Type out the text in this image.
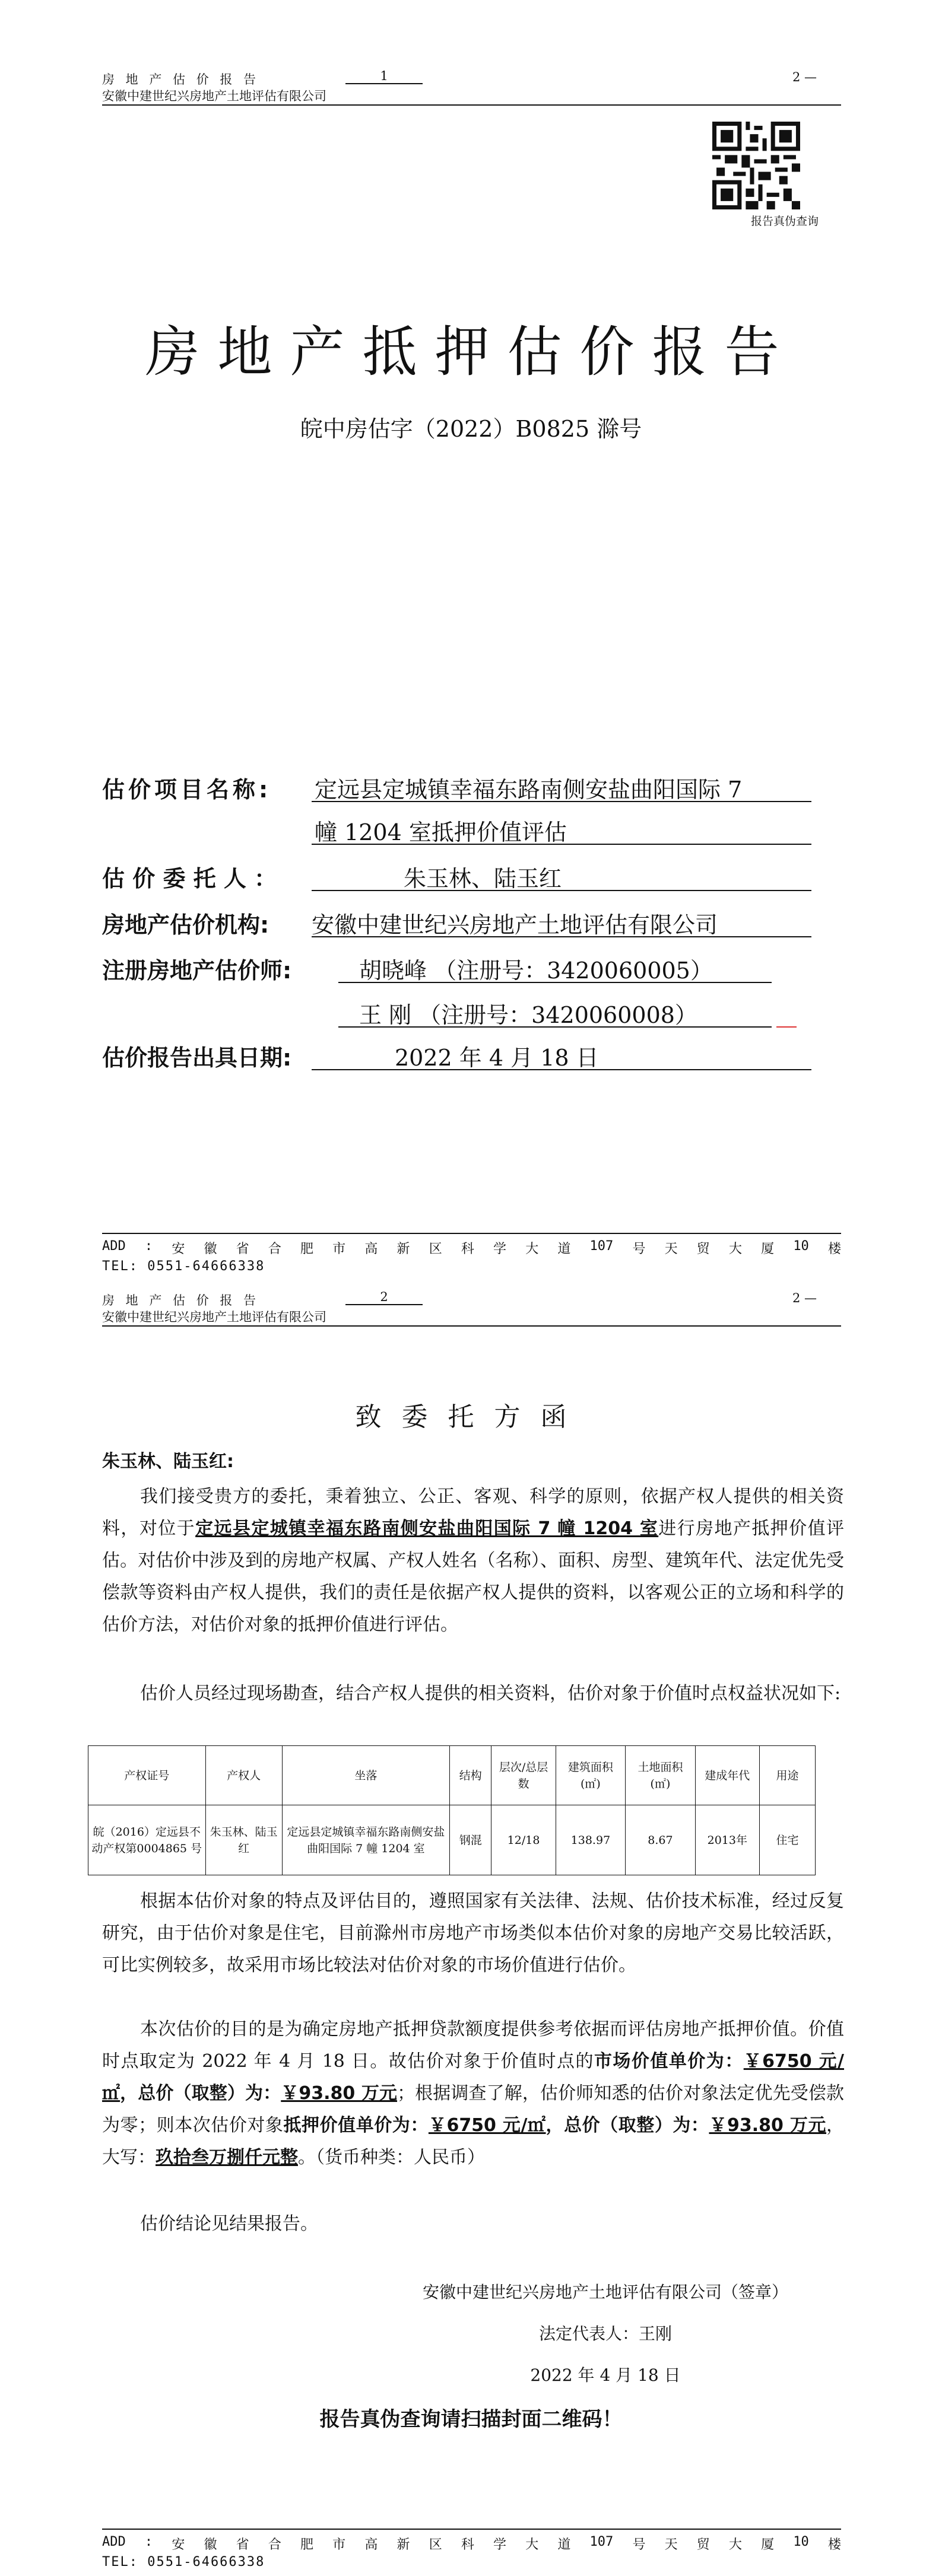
房 地 产 估 价 报 告	1	2 —
安徽中建世纪兴房地产土地评估有限公司
报告真伪查询
房地产抵押估价报告
皖中房估字（2022）B0825 滁号
估价项目名称: 定远县定城镇幸福东路南侧安盐曲阳国际 7
幢 1204 室抵押价值评估
估 价 委 托 人 ：	朱玉林、陆玉红
房地产估价机构: 安徽中建世纪兴房地产土地评估有限公司
注册房地产估价师:	胡晓峰 （注册号：3420060005）
王 刚 （注册号：3420060008）
估价报告出具日期:	2022 年 4 月 18 日
ADD : 安 徽 省 合 肥 市 高 新 区 科 学 大 道 107 号 天 贸 大 厦 10 楼
TEL: 0551-64666338
房 地 产 估 价 报 告	2	2 —
安徽中建世纪兴房地产土地评估有限公司
致委托方函
朱玉林、陆玉红:
我们接受贵方的委托，秉着独立、公正、客观、科学的原则，依据产权人提供的相关资料，对位于定远县定城镇幸福东路南侧安盐曲阳国际 7 幢 1204 室进行房地产抵押价值评估。对估价中涉及到的房地产权属、产权人姓名（名称）、面积、房型、建筑年代、法定优先受偿款等资料由产权人提供，我们的责任是依据产权人提供的资料，以客观公正的立场和科学的估价方法，对估价对象的抵押价值进行评估。
估价人员经过现场勘查，结合产权人提供的相关资料，估价对象于价值时点权益状况如下:
产权证号	产权人	坐落	结构	层次/总层数	建筑面积(㎡)	土地面积(㎡)	建成年代	用途
皖（2016）定远县不动产权第0004865 号	朱玉林、陆玉红	定远县定城镇幸福东路南侧安盐曲阳国际 7 幢 1204 室	钢混	12/18	138.97	8.67	2013年	住宅
根据本估价对象的特点及评估目的，遵照国家有关法律、法规、估价技术标准，经过反复研究，由于估价对象是住宅，目前滁州市房地产市场类似本估价对象的房地产交易比较活跃，可比实例较多，故采用市场比较法对估价对象的市场价值进行估价。
本次估价的目的是为确定房地产抵押贷款额度提供参考依据而评估房地产抵押价值。价值时点取定为 2022 年 4 月 18 日。故估价对象于价值时点的市场价值单价为：￥6750 元/㎡，总价（取整）为：￥93.80 万元；根据调查了解，估价师知悉的估价对象法定优先受偿款为零；则本次估价对象抵押价值单价为：￥6750 元/㎡，总价（取整）为：￥93.80 万元，大写：玖拾叁万捌仟元整。（货币种类：人民币）
估价结论见结果报告。
安徽中建世纪兴房地产土地评估有限公司（签章）
法定代表人：王刚
2022 年 4 月 18 日
报告真伪查询请扫描封面二维码！
ADD : 安 徽 省 合 肥 市 高 新 区 科 学 大 道 107 号 天 贸 大 厦 10 楼
TEL: 0551-64666338
